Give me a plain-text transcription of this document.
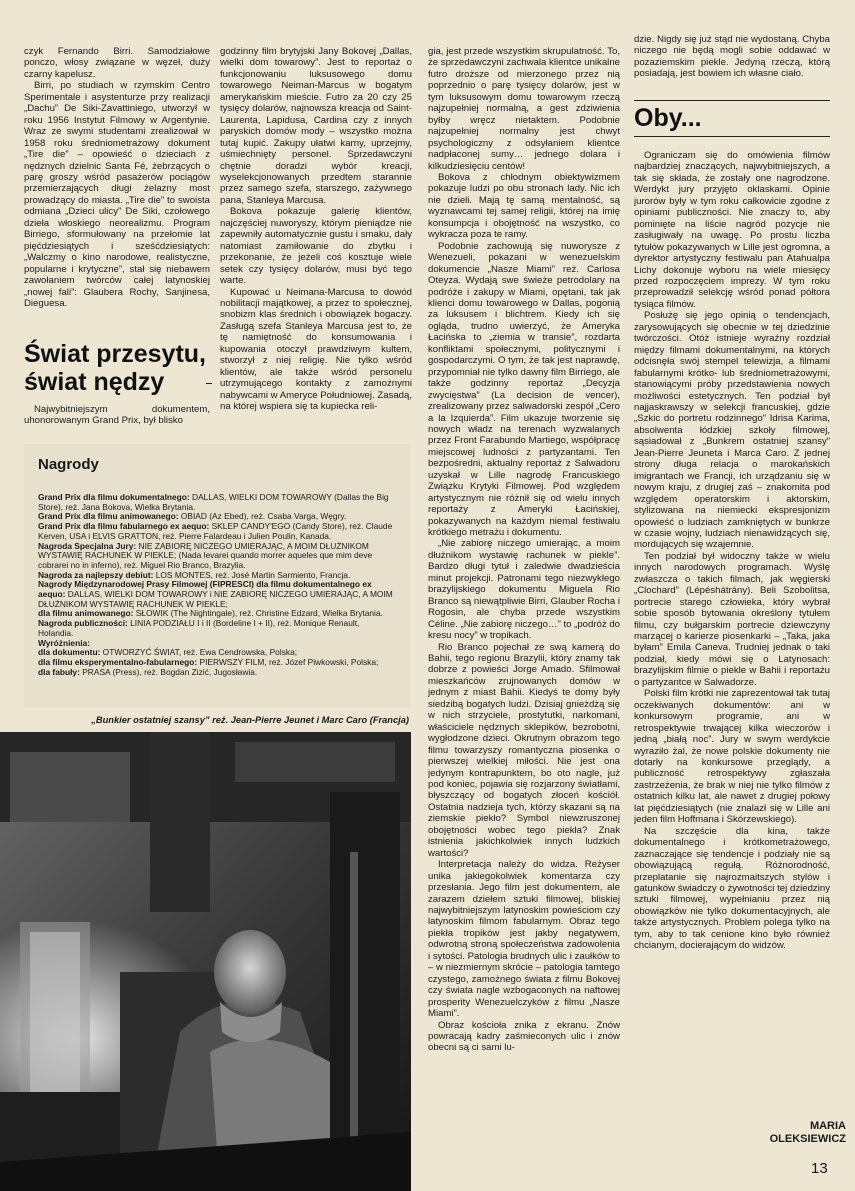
czyk Fernando Birri. Samodziałowe ponczo, włosy związane w węzeł, duży czarny kapelusz.

Birri, po studiach w rzymskim Centro Sperimentale i asystenturze przy realizacji „Dachu” De Siki-Zavattiniego, utworzył w roku 1956 Instytut Filmowy w Argentynie. Wraz ze swymi studentami zrealizował w 1958 roku średniometrażowy dokument „Tire die” – opowieść o dzieciach z nędznych dzielnic Santa Fé, żebrzących o parę groszy wśród pasażerów pociągów przemierzających długi żelazny most prowadzący do miasta. „Tire die” to swoista odmiana „Dzieci ulicy” De Siki, czołowego dzieła włoskiego neorealizmu. Program Birriego, sformułowany na przełomie lat pięćdziesiątych i sześćdziesiątych: „Walczmy o kino narodowe, realistyczne, popularne i krytyczne”, stał się niebawem zawołaniem twórców całej latynoskiej „nowej fali”: Glaubera Rochy, Sanjinesa, Dieguesa.

Świat przesytu, świat nędzy

Najwybitniejszym dokumentem, uhonorowanym Grand Prix, był blisko

godzinny film brytyjski Jany Bokovej „Dallas, wielki dom towarowy”. Jest to reportaż o funkcjonowaniu luksusowego domu towarowego Neiman-Marcus w bogatym amerykańskim mieście. Futro za 20 czy 25 tysięcy dolarów, najnowsza kreacja od Saint-Laurenta, Lapidusa, Cardina czy z innych paryskich domów mody – wszystko można tutaj kupić. Zakupy ułatwi karny, uprzejmy, uśmiechnięty personel. Sprzedawczyni chętnie doradzi wybór kreacji, wyselekcjonowanych przedtem starannie przez samego szefa, starszego, zażywnego pana, Stanleya Marcusa.

Bokova pokazuje galerię klientów, najczęściej nuworyszy, którym pieniądze nie zapewniły automatycznie gustu i smaku, dały natomiast zamiłowanie do zbytku i przekonanie, że jeżeli coś kosztuje wiele setek czy tysięcy dolarów, musi być tego warte.

Kupować u Neimana-Marcusa to dowód nobilitacji majątkowej, a przez to społecznej, snobizm klas średnich i obowiązek bogaczy. Zasługą szefa Stanleya Marcusa jest to, że tę namiętność do konsumowania i kupowania otoczył prawdziwym kultem, stworzył z niej religię. Nie tylko wśród klientów, ale także wśród personelu utrzymującego kontakty z zamożnymi nabywcami w Ameryce Południowej. Zasadą, na której wspiera się ta kupiecka reli-

Nagrody

Grand Prix dla filmu dokumentalnego: DALLAS, WIELKI DOM TOWAROWY (Dallas the Big Store), reż. Jana Bokova, Wielka Brytania.

Grand Prix dla filmu animowanego: OBIAD (Az Ebed), reż. Csaba Varga, Węgry.

Grand Prix dla filmu fabularnego ex aequo: SKLEP CANDY'EGO (Candy Store), reż. Claude Kerven, USA i ELVIS GRATTON, reż. Pierre Falardeau i Julien Poulin, Kanada.

Nagroda Specjalna Jury: NIE ZABIORĘ NICZEGO UMIERAJĄC, A MOIM DŁUŻNIKOM WYSTAWIĘ RACHUNEK W PIEKLE; (Nada levarei quando morrer aqueles que mim deve cobrarei no in inferno), reż. Miguel Rio Branco, Brazylia.

Nagroda za najlepszy debiut: LOS MONTES, reż. José Martin Sarmiento, Francja.

Nagrody Międzynarodowej Prasy Filmowej (FIPRESCI) dla filmu dokumentalnego ex aequo: DALLAS, WIELKI DOM TOWAROWY i NIE ZABIORĘ NICZEGO UMIERAJĄC, A MOIM DŁUŻNIKOM WYSTAWIĘ RACHUNEK W PIEKLE;

dla filmu animowanego: SŁOWIK (The Nightingale), reż. Christine Edzard, Wielka Brytania.

Nagroda publiczności: LINIA PODZIAŁU I i II (Bordeline I + II), reż. Monique Renault, Holandia.

Wyróżnienia:

dla dokumentu: OTWORZYĆ ŚWIAT, reż. Ewa Cendrowska, Polska;

dla filmu eksperymentalno-fabularnego: PIERWSZY FILM, reż. Józef Piwkowski, Polska;

dla fabuły: PRASA (Press), reż. Bogdan Zizić, Jugosławia.

„Bunkier ostatniej szansy” reż. Jean-Pierre Jeunet i Marc Caro (Francja)

gia, jest przede wszystkim skrupulatność. To, że sprzedawczyni zachwala klientce unikalne futro droższe od mierzonego przez nią poprzednio o parę tysięcy dolarów, jest w tym luksusowym domu towarowym rzeczą najzupełniej normalną, a gest zdziwienia byłby wręcz nietaktem. Podobnie najzupełniej normalny jest chwyt psychologiczny z odsyłaniem klientce nadpłaconej sumy… jednego dolara i kilkudziesięciu centów!

Bokova z chłodnym obiektywizmem pokazuje ludzi po obu stronach lady. Nic ich nie dzieli. Mają tę samą mentalność, są wyznawcami tej samej religii, której na imię konsumpcja i obojętność na wszystko, co wykracza poza te ramy.

Podobnie zachowują się nuworysze z Wenezueli, pokazani w wenezuelskim dokumencie „Nasze Miami” reż. Carlosa Oteyza. Wydają swe świeże petrodolary na podróże i zakupy w Miami, opętani, tak jak klienci domu towarowego w Dallas, pogonią za luksusem i blichtrem. Kiedy ich się ogląda, trudno uwierzyć, że Ameryka Łacińska to „ziemia w transie”, rozdarta konfliktami społecznymi, politycznymi i gospodarczymi. O tym, że tak jest naprawdę, przypomniał nie tylko dawny film Birriego, ale także godzinny reportaż „Decyzja zwycięstwa” (La decision de vencer), zrealizowany przez salwadorski zespół „Cero a la Izquierda”. Film ukazuje tworzenie się nowych władz na terenach wyzwalanych przez Front Farabundo Martiego, współpracę miejscowej ludności z partyzantami. Ten bezpośredni, aktualny reportaż z Salwadoru uzyskał w Lille nagrodę Francuskiego Związku Krytyki Filmowej. Pod względem artystycznym nie różnił się od wielu innych reportaży z Ameryki Łacińskiej, pokazywanych na każdym niemal festiwalu krótkiego metrażu i dokumentu.

„Nie zabiorę niczego umierając, a moim dłużnikom wystawię rachunek w piekle”. Bardzo długi tytuł i zaledwie dwadzieścia minut projekcji. Patronami tego niezwykłego brazylijskiego dokumentu Miguela Rio Branco są niewątpliwie Birri, Glauber Rocha i Rogosin, ale chyba przede wszystkim Céline. „Nie zabiorę niczego…” to „podróż do kresu nocy” w tropikach.

Rio Branco pojechał ze swą kamerą do Bahii, tego regionu Brazylii, który znamy tak dobrze z powieści Jorge Amado. Sfilmował mieszkańców zrujnowanych domów w jednym z miast Bahii. Kiedyś te domy były siedzibą bogatych ludzi. Dzisiaj gnieżdżą się w nich strzyciele, prostytutki, narkomani, właściciele nędznych sklepików, bezrobotni, wygłodzone dzieci. Okrutnym obrazom tego filmu towarzyszy romantyczna piosenka o pierwszej wielkiej miłości. Nie jest ona jedynym kontrapunktem, bo oto nagle, już pod koniec, pojawia się rozjarzony światłami, błyszczący od bogatych złoceń kościół. Ostatnia nadzieja tych, którzy skazani są na ziemskie piekło? Symbol niewzruszonej obojętności wobec tego piekła? Znak istnienia jakichkolwiek innych ludzkich wartości?

Interpretacja należy do widza. Reżyser unika jakiegokolwiek komentarza czy przesłania. Jego film jest dokumentem, ale zarazem dziełem sztuki filmowej, bliskiej najwybitniejszym latynoskim powieściom czy latynoskim filmom fabularnym. Obraz tego piekła tropików jest jakby negatywem, odwrotną stroną społeczeństwa zadowolenia i sytości. Patologia brudnych ulic i zaułków to – w niezmiernym skrócie – patologia tamtego czystego, zamożnego świata z filmu Bokovej czy świata nagle wzbogaconych na naftowej prosperity Wenezuelczyków z filmu „Nasze Miami”.

Obraz kościoła znika z ekranu. Znów powracają kadry zaśmieconych ulic i znów obecni są ci sami lu-

dzie. Nigdy się już stąd nie wydostaną. Chyba niczego nie będą mogli sobie oddawać w pozaziemskim piekle. Jedyną rzeczą, którą posiadają, jest bowiem ich własne ciało.

Oby...

Ograniczam się do omówienia filmów najbardziej znaczących, najwybitniejszych, a tak się składa, że zostały one nagrodzone. Werdykt jury przyjęto oklaskami. Opinie jurorów były w tym roku całkowicie zgodne z opiniami publiczności. Nie znaczy to, aby pominięte na liście nagród pozycje nie zasługiwały na uwagę. Po prostu liczba tytułów pokazywanych w Lille jest ogromna, a dyrektor artystyczny festiwalu pan Atahualpa Lichy dokonuje wyboru na wiele miesięcy przed rozpoczęciem imprezy. W tym roku przeprowadził selekcję wśród ponad półtora tysiąca filmów.

Posłużę się jego opinią o tendencjach, zarysowujących się obecnie w tej dziedzinie twórczości. Otóż istnieje wyraźny rozdział między filmami dokumentalnymi, na których odcisnęła swój stempel telewizja, a filmami fabularnymi krótko- lub średniometrażowymi, stanowiącymi próby przedstawienia nowych możliwości estetycznych. Ten podział był najjaskrawszy w selekcji francuskiej, gdzie „Szkic do portretu rodzinnego” Idrisa Karima, absolwenta łódzkiej szkoły filmowej, sąsiadował z „Bunkrem ostatniej szansy” Jean-Pierre Jeuneta i Marca Caro. Z jednej strony długa relacja o marokańskich imigrantach we Francji, ich urządzaniu się w nowym kraju, z drugiej zaś – znakomita pod względem operatorskim i aktorskim, stylizowana na niemiecki ekspresjonizm opowieść o ludziach zamkniętych w bunkrze w czasie wojny, ludziach nienawidzących się, mordujących się wzajemnie.

Ten podział był widoczny także w wielu innych narodowych programach. Wyślę zwłaszcza o takich filmach, jak węgierski „Clochard” (Lépéshátrány). Beli Szobolitsa, portrecie starego człowieka, który wybrał sobie sposób bytowania określony tytułem filmu, czy bułgarskim portrecie dziewczyny marzącej o karierze piosenkarki – „Taka, jaka byłam” Emila Caneva. Trudniej jednak o taki podział, kiedy mówi się o Latynosach: brazylijskim filmie o piekle w Bahii i reportażu o partyzantce w Salwadorze.

Polski film krótki nie zaprezentował tak tutaj oczekiwanych dokumentów: ani w konkursowym programie, ani w retrospektywie trwającej kilka wieczorów i jedną „białą noc”. Jury w swym werdykcie wyraziło żal, że nowe polskie dokumenty nie dotarły na konkursowe przeglądy, a publiczność retrospektywy zgłaszała zastrzeżenia, że brak w niej nie tylko filmów z ostatnich kilku lat, ale nawet z drugiej połowy lat pięćdziesiątych (nie znalazł się w Lille ani jeden film Hoffmana i Skórzewskiego).

Na szczęście dla kina, także dokumentalnego i krótkometrażowego, zaznaczające się tendencje i podziały nie są obowiązującą regułą. Różnorodność, przeplatanie się najrozmaitszych stylów i gatunków świadczy o żywotności tej dziedziny sztuki filmowej, wypełnianiu przez nią obowiązków nie tylko dokumentacyjnych, ale także artystycznych. Problem polega tylko na tym, aby to tak cenione kino było również chcianym, docierającym do widzów.

MARIA
OLEKSIEWICZ
13
